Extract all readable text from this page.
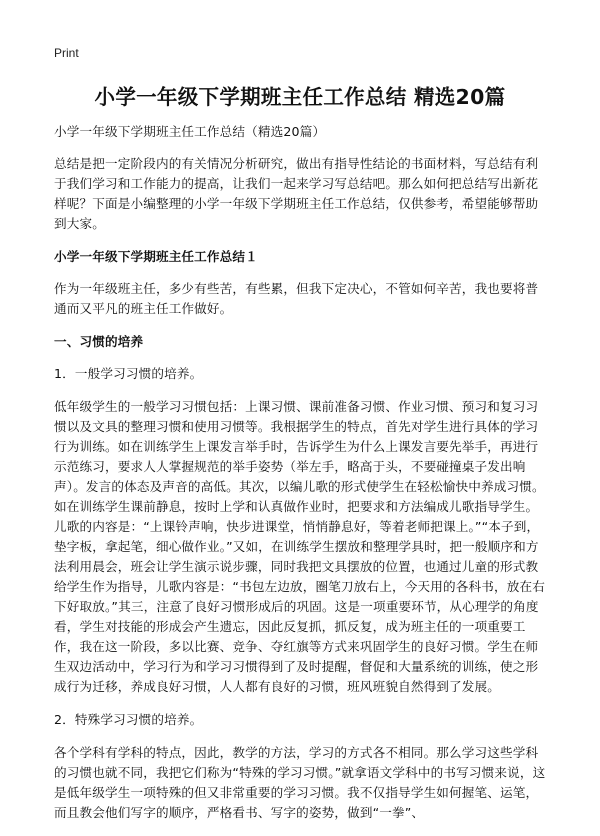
Print
小学一年级下学期班主任工作总结 精选20篇

小学一年级下学期班主任工作总结（精选20篇）

总结是把一定阶段内的有关情况分析研究，做出有指导性结论的书面材料，写总结有利于我们学习和工作能力的提高，让我们一起来学习写总结吧。那么如何把总结写出新花样呢？下面是小编整理的小学一年级下学期班主任工作总结，仅供参考，希望能够帮助到大家。

小学一年级下学期班主任工作总结１

作为一年级班主任，多少有些苦，有些累，但我下定决心，不管如何辛苦，我也要将普通而又平凡的班主任工作做好。

一、习惯的培养

1．一般学习习惯的培养。

低年级学生的一般学习习惯包括：上课习惯、课前准备习惯、作业习惯、预习和复习习惯以及文具的整理习惯和使用习惯等。我根据学生的特点，首先对学生进行具体的学习行为训练。如在训练学生上课发言举手时，告诉学生为什么上课发言要先举手，再进行示范练习，要求人人掌握规范的举手姿势（举左手，略高于头，不要碰撞桌子发出响声）。发言的体态及声音的高低。其次，以编儿歌的形式使学生在轻松愉快中养成习惯。如在训练学生课前静息，按时上学和认真做作业时，把要求和方法编成儿歌指导学生。儿歌的内容是：“上课铃声响，快步进课堂，悄悄静息好，等着老师把课上。”“本子到，垫字板，拿起笔，细心做作业。”又如，在训练学生摆放和整理学具时，把一般顺序和方法利用晨会，班会让学生演示说步骤，同时我把文具摆放的位置，也通过儿童的形式教给学生作为指导，儿歌内容是：“书包左边放，圈笔刀放右上，今天用的各科书，放在右下好取放。”其三，注意了良好习惯形成后的巩固。这是一项重要环节，从心理学的角度看，学生对技能的形成会产生遗忘，因此反复抓，抓反复，成为班主任的一项重要工作，我在这一阶段，多以比赛、竞争、夺红旗等方式来巩固学生的良好习惯。学生在师生双边活动中，学习行为和学习习惯得到了及时提醒，督促和大量系统的训练，使之形成行为迁移，养成良好习惯，人人都有良好的习惯，班风班貌自然得到了发展。

2．特殊学习习惯的培养。

各个学科有学科的特点，因此，教学的方法，学习的方式各不相同。那么学习这些学科的习惯也就不同，我把它们称为“特殊的学习习惯。”就拿语文学科中的书写习惯来说，这是低年级学生一项特殊的但又非常重要的学习习惯。我不仅指导学生如何握笔、运笔，而且教会他们写字的顺序，严格看书、写字的姿势，做到“一拳”、
